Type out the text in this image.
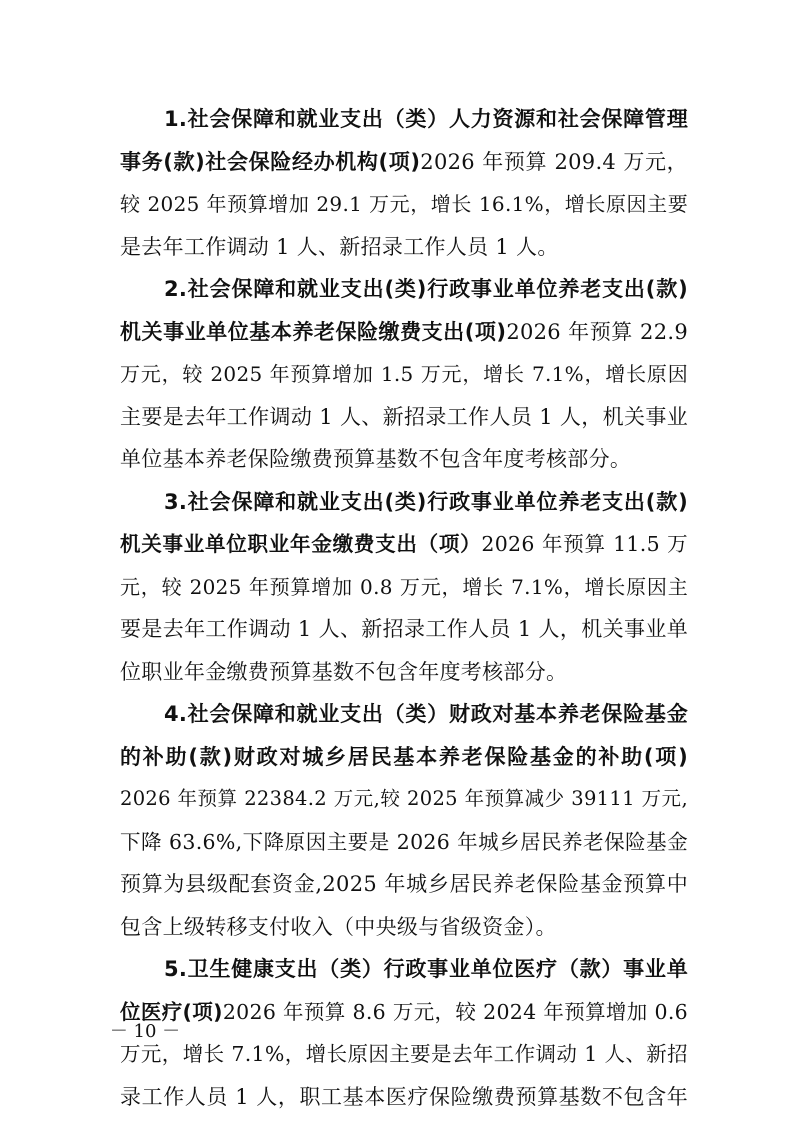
1.社会保障和就业支出（类）人力资源和社会保障管理
事务(款)社会保险经办机构(项)2026 年预算 209.4 万元，
较 2025 年预算增加 29.1 万元，增长 16.1%，增长原因主要
是去年工作调动 1 人、新招录工作人员 1 人。

2.社会保障和就业支出(类)行政事业单位养老支出(款)
机关事业单位基本养老保险缴费支出(项)2026 年预算 22.9
万元，较 2025 年预算增加 1.5 万元，增长 7.1%，增长原因
主要是去年工作调动 1 人、新招录工作人员 1 人，机关事业
单位基本养老保险缴费预算基数不包含年度考核部分。

3.社会保障和就业支出(类)行政事业单位养老支出(款)
机关事业单位职业年金缴费支出（项）2026 年预算 11.5 万
元，较 2025 年预算增加 0.8 万元，增长 7.1%，增长原因主
要是去年工作调动 1 人、新招录工作人员 1 人，机关事业单
位职业年金缴费预算基数不包含年度考核部分。

4.社会保障和就业支出（类）财政对基本养老保险基金
的补助(款)财政对城乡居民基本养老保险基金的补助(项)
2026 年预算 22384.2 万元,较 2025 年预算减少 39111 万元,
下降 63.6%,下降原因主要是 2026 年城乡居民养老保险基金
预算为县级配套资金,2025 年城乡居民养老保险基金预算中
包含上级转移支付收入（中央级与省级资金）。

5.卫生健康支出（类）行政事业单位医疗（款）事业单
位医疗(项)2026 年预算 8.6 万元，较 2024 年预算增加 0.6
万元，增长 7.1%，增长原因主要是去年工作调动 1 人、新招
录工作人员 1 人，职工基本医疗保险缴费预算基数不包含年

－ 10 －
